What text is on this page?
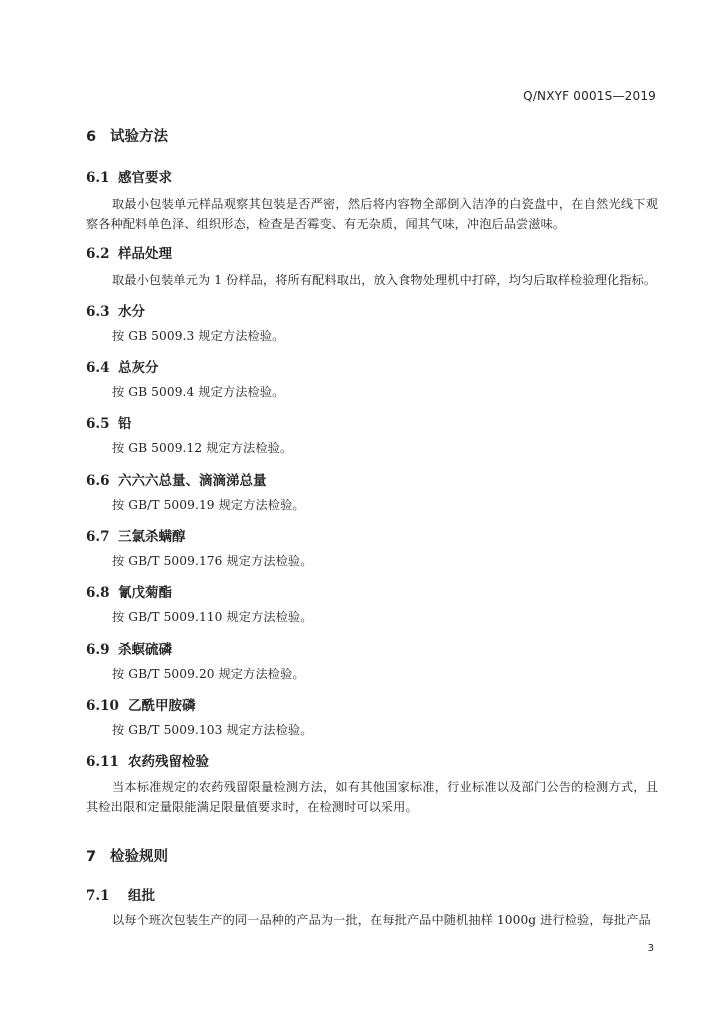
Q/NXYF 0001S—2019
6 试验方法
6.1 感官要求
取最小包装单元样品观察其包装是否严密，然后将内容物全部倒入洁净的白瓷盘中，在自然光线下观察各种配料单色泽、组织形态，检查是否霉变、有无杂质，闻其气味，冲泡后品尝滋味。
6.2 样品处理
取最小包装单元为 1 份样品，将所有配料取出，放入食物处理机中打碎，均匀后取样检验理化指标。
6.3 水分
按 GB 5009.3 规定方法检验。
6.4 总灰分
按 GB 5009.4 规定方法检验。
6.5 铅
按 GB 5009.12 规定方法检验。
6.6 六六六总量、滴滴涕总量
按 GB/T 5009.19 规定方法检验。
6.7 三氯杀螨醇
按 GB/T 5009.176 规定方法检验。
6.8 氰戊菊酯
按 GB/T 5009.110 规定方法检验。
6.9 杀螟硫磷
按 GB/T 5009.20 规定方法检验。
6.10 乙酰甲胺磷
按 GB/T 5009.103 规定方法检验。
6.11 农药残留检验
当本标准规定的农药残留限量检测方法，如有其他国家标准，行业标准以及部门公告的检测方式，且其检出限和定量限能满足限量值要求时，在检测时可以采用。
7 检验规则
7.1 组批
以每个班次包装生产的同一品种的产品为一批，在每批产品中随机抽样 1000g 进行检验，每批产品
3
